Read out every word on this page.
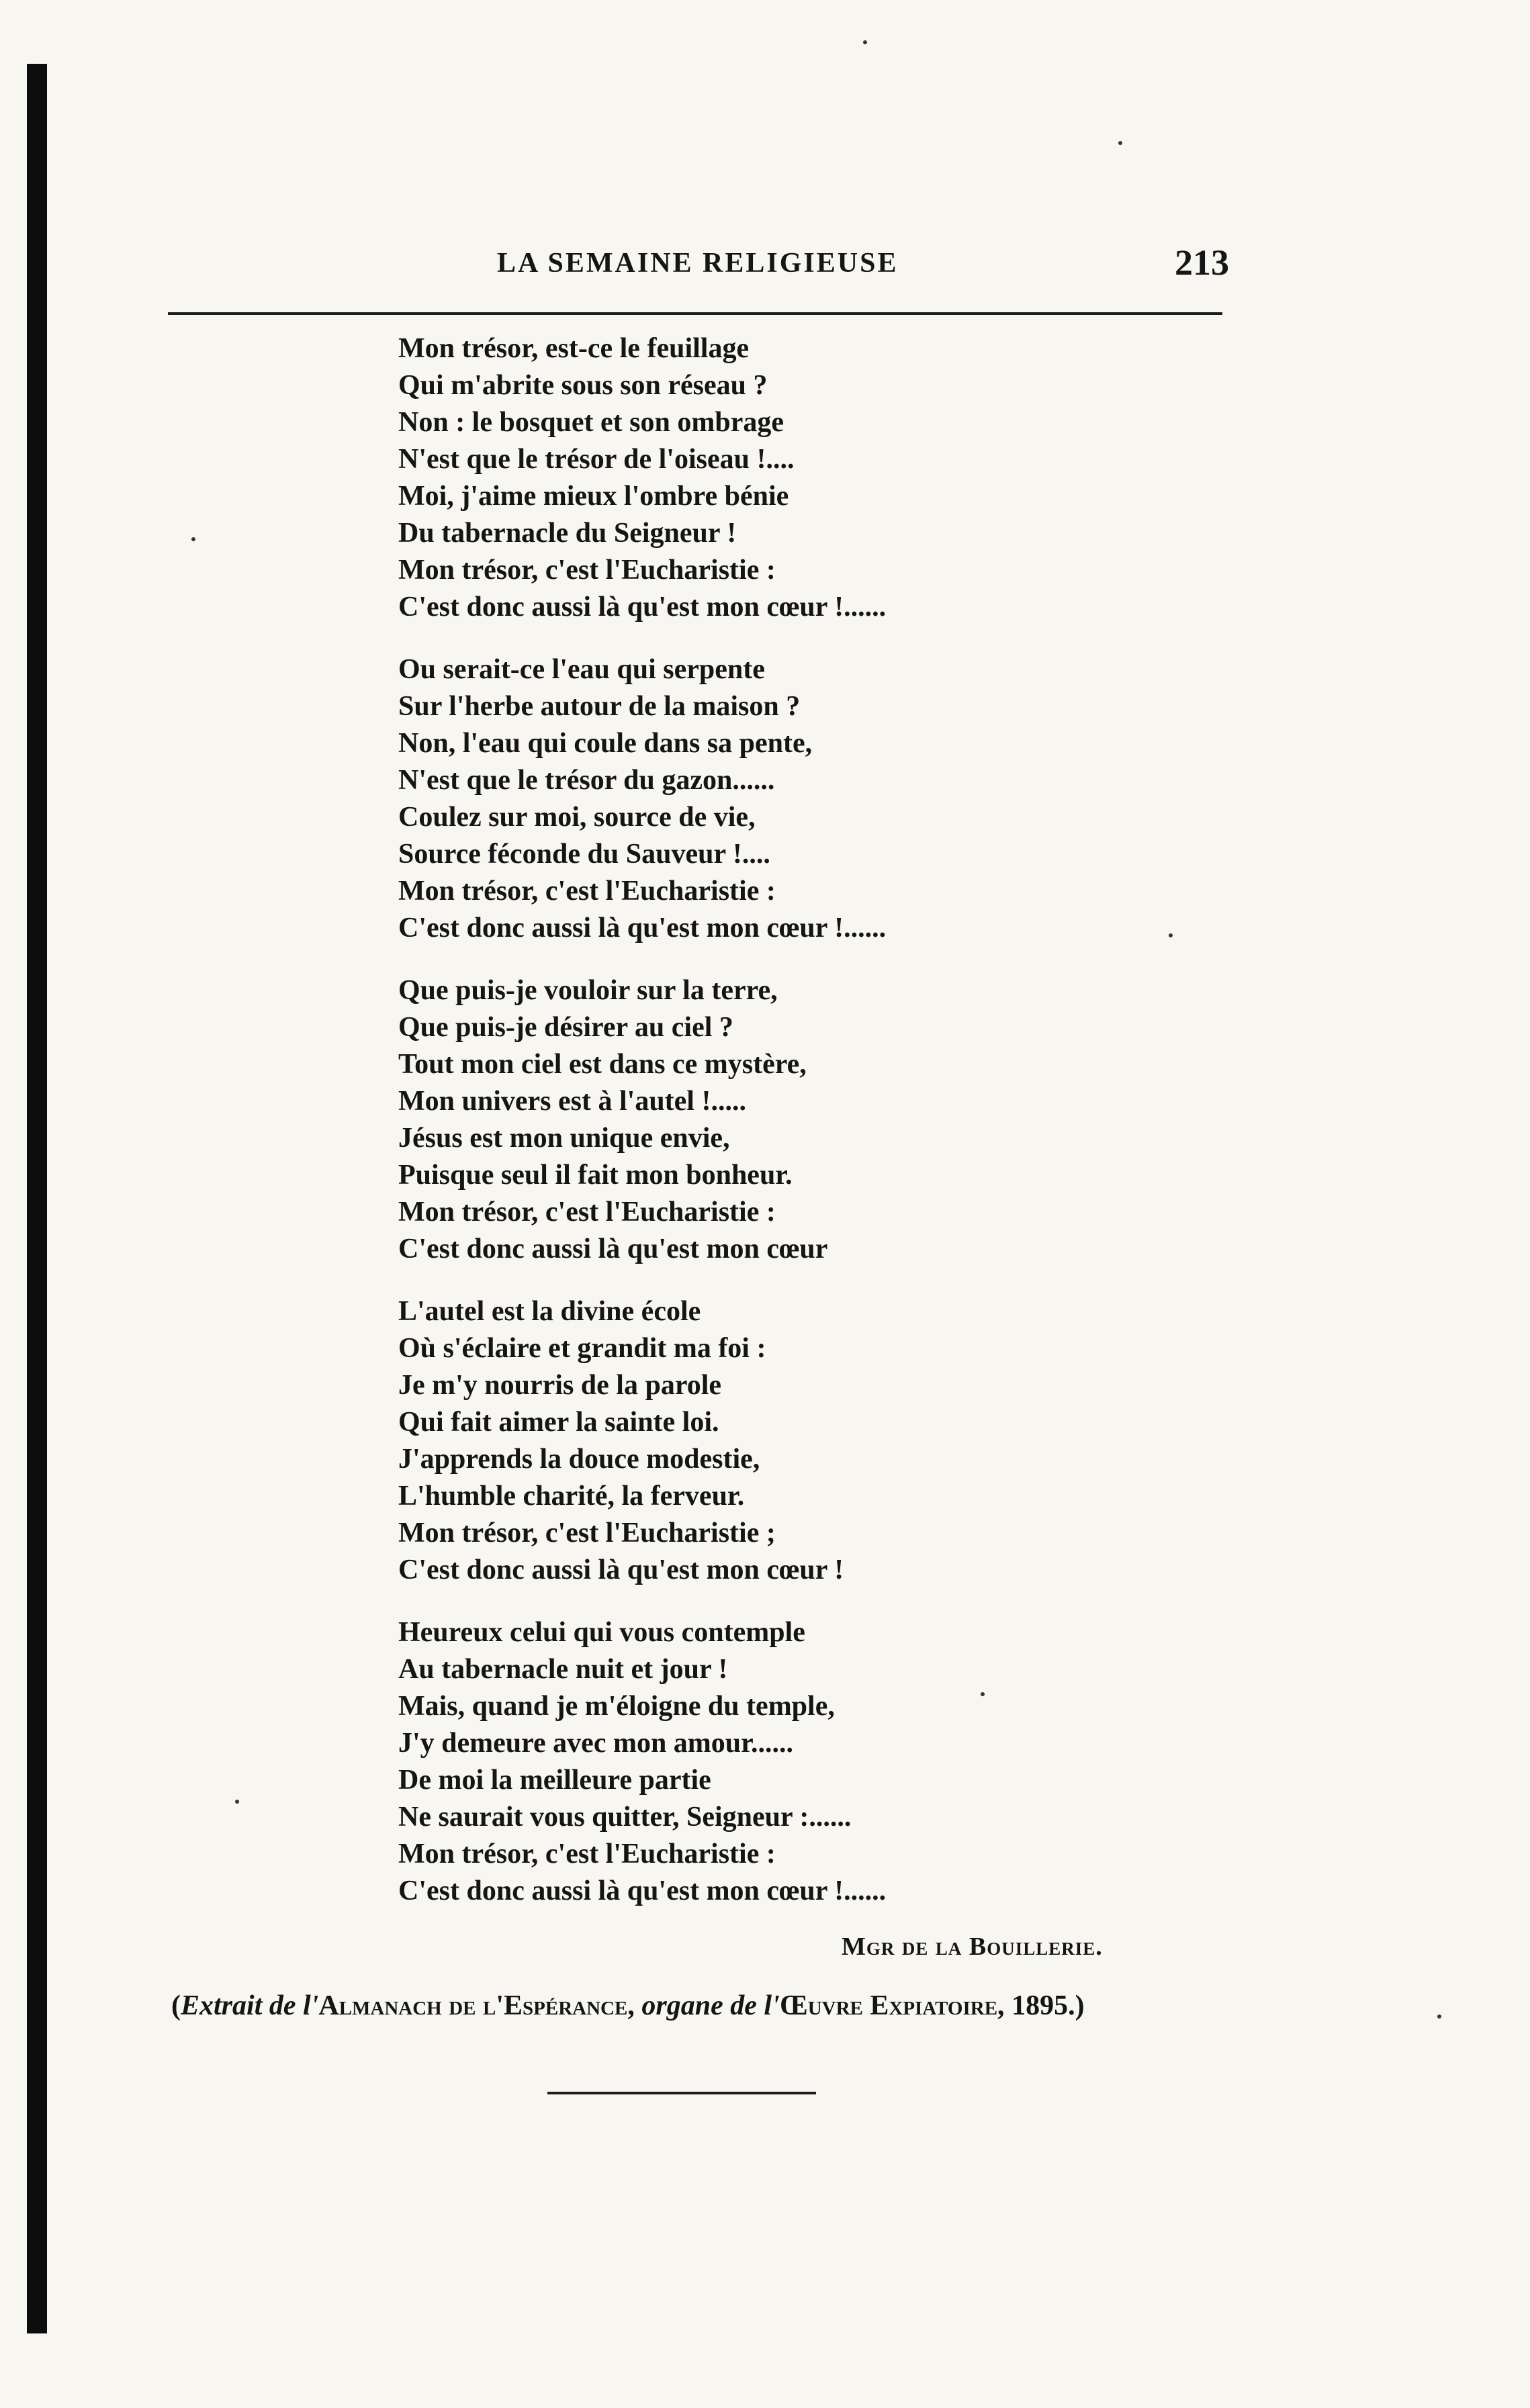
LA SEMAINE RELIGIEUSE	213
Mon trésor, est-ce le feuillage
Qui m'abrite sous son réseau ?
Non : le bosquet et son ombrage
N'est que le trésor de l'oiseau !....
Moi, j'aime mieux l'ombre bénie
Du tabernacle du Seigneur !
Mon trésor, c'est l'Eucharistie :
C'est donc aussi là qu'est mon cœur !......
Ou serait-ce l'eau qui serpente
Sur l'herbe autour de la maison ?
Non, l'eau qui coule dans sa pente,
N'est que le trésor du gazon......
Coulez sur moi, source de vie,
Source féconde du Sauveur !....
Mon trésor, c'est l'Eucharistie :
C'est donc aussi là qu'est mon cœur !......
Que puis-je vouloir sur la terre,
Que puis-je désirer au ciel ?
Tout mon ciel est dans ce mystère,
Mon univers est à l'autel !.....
Jésus est mon unique envie,
Puisque seul il fait mon bonheur.
Mon trésor, c'est l'Eucharistie :
C'est donc aussi là qu'est mon cœur
L'autel est la divine école
Où s'éclaire et grandit ma foi :
Je m'y nourris de la parole
Qui fait aimer la sainte loi.
J'apprends la douce modestie,
L'humble charité, la ferveur.
Mon trésor, c'est l'Eucharistie ;
C'est donc aussi là qu'est mon cœur !
Heureux celui qui vous contemple
Au tabernacle nuit et jour !
Mais, quand je m'éloigne du temple,
J'y demeure avec mon amour......
De moi la meilleure partie
Ne saurait vous quitter, Seigneur :......
Mon trésor, c'est l'Eucharistie :
C'est donc aussi là qu'est mon cœur !......
Mgr de la Bouillerie.
(Extrait de l'Almanach de l'Espérance, organe de l'Œuvre Expiatoire, 1895.)
